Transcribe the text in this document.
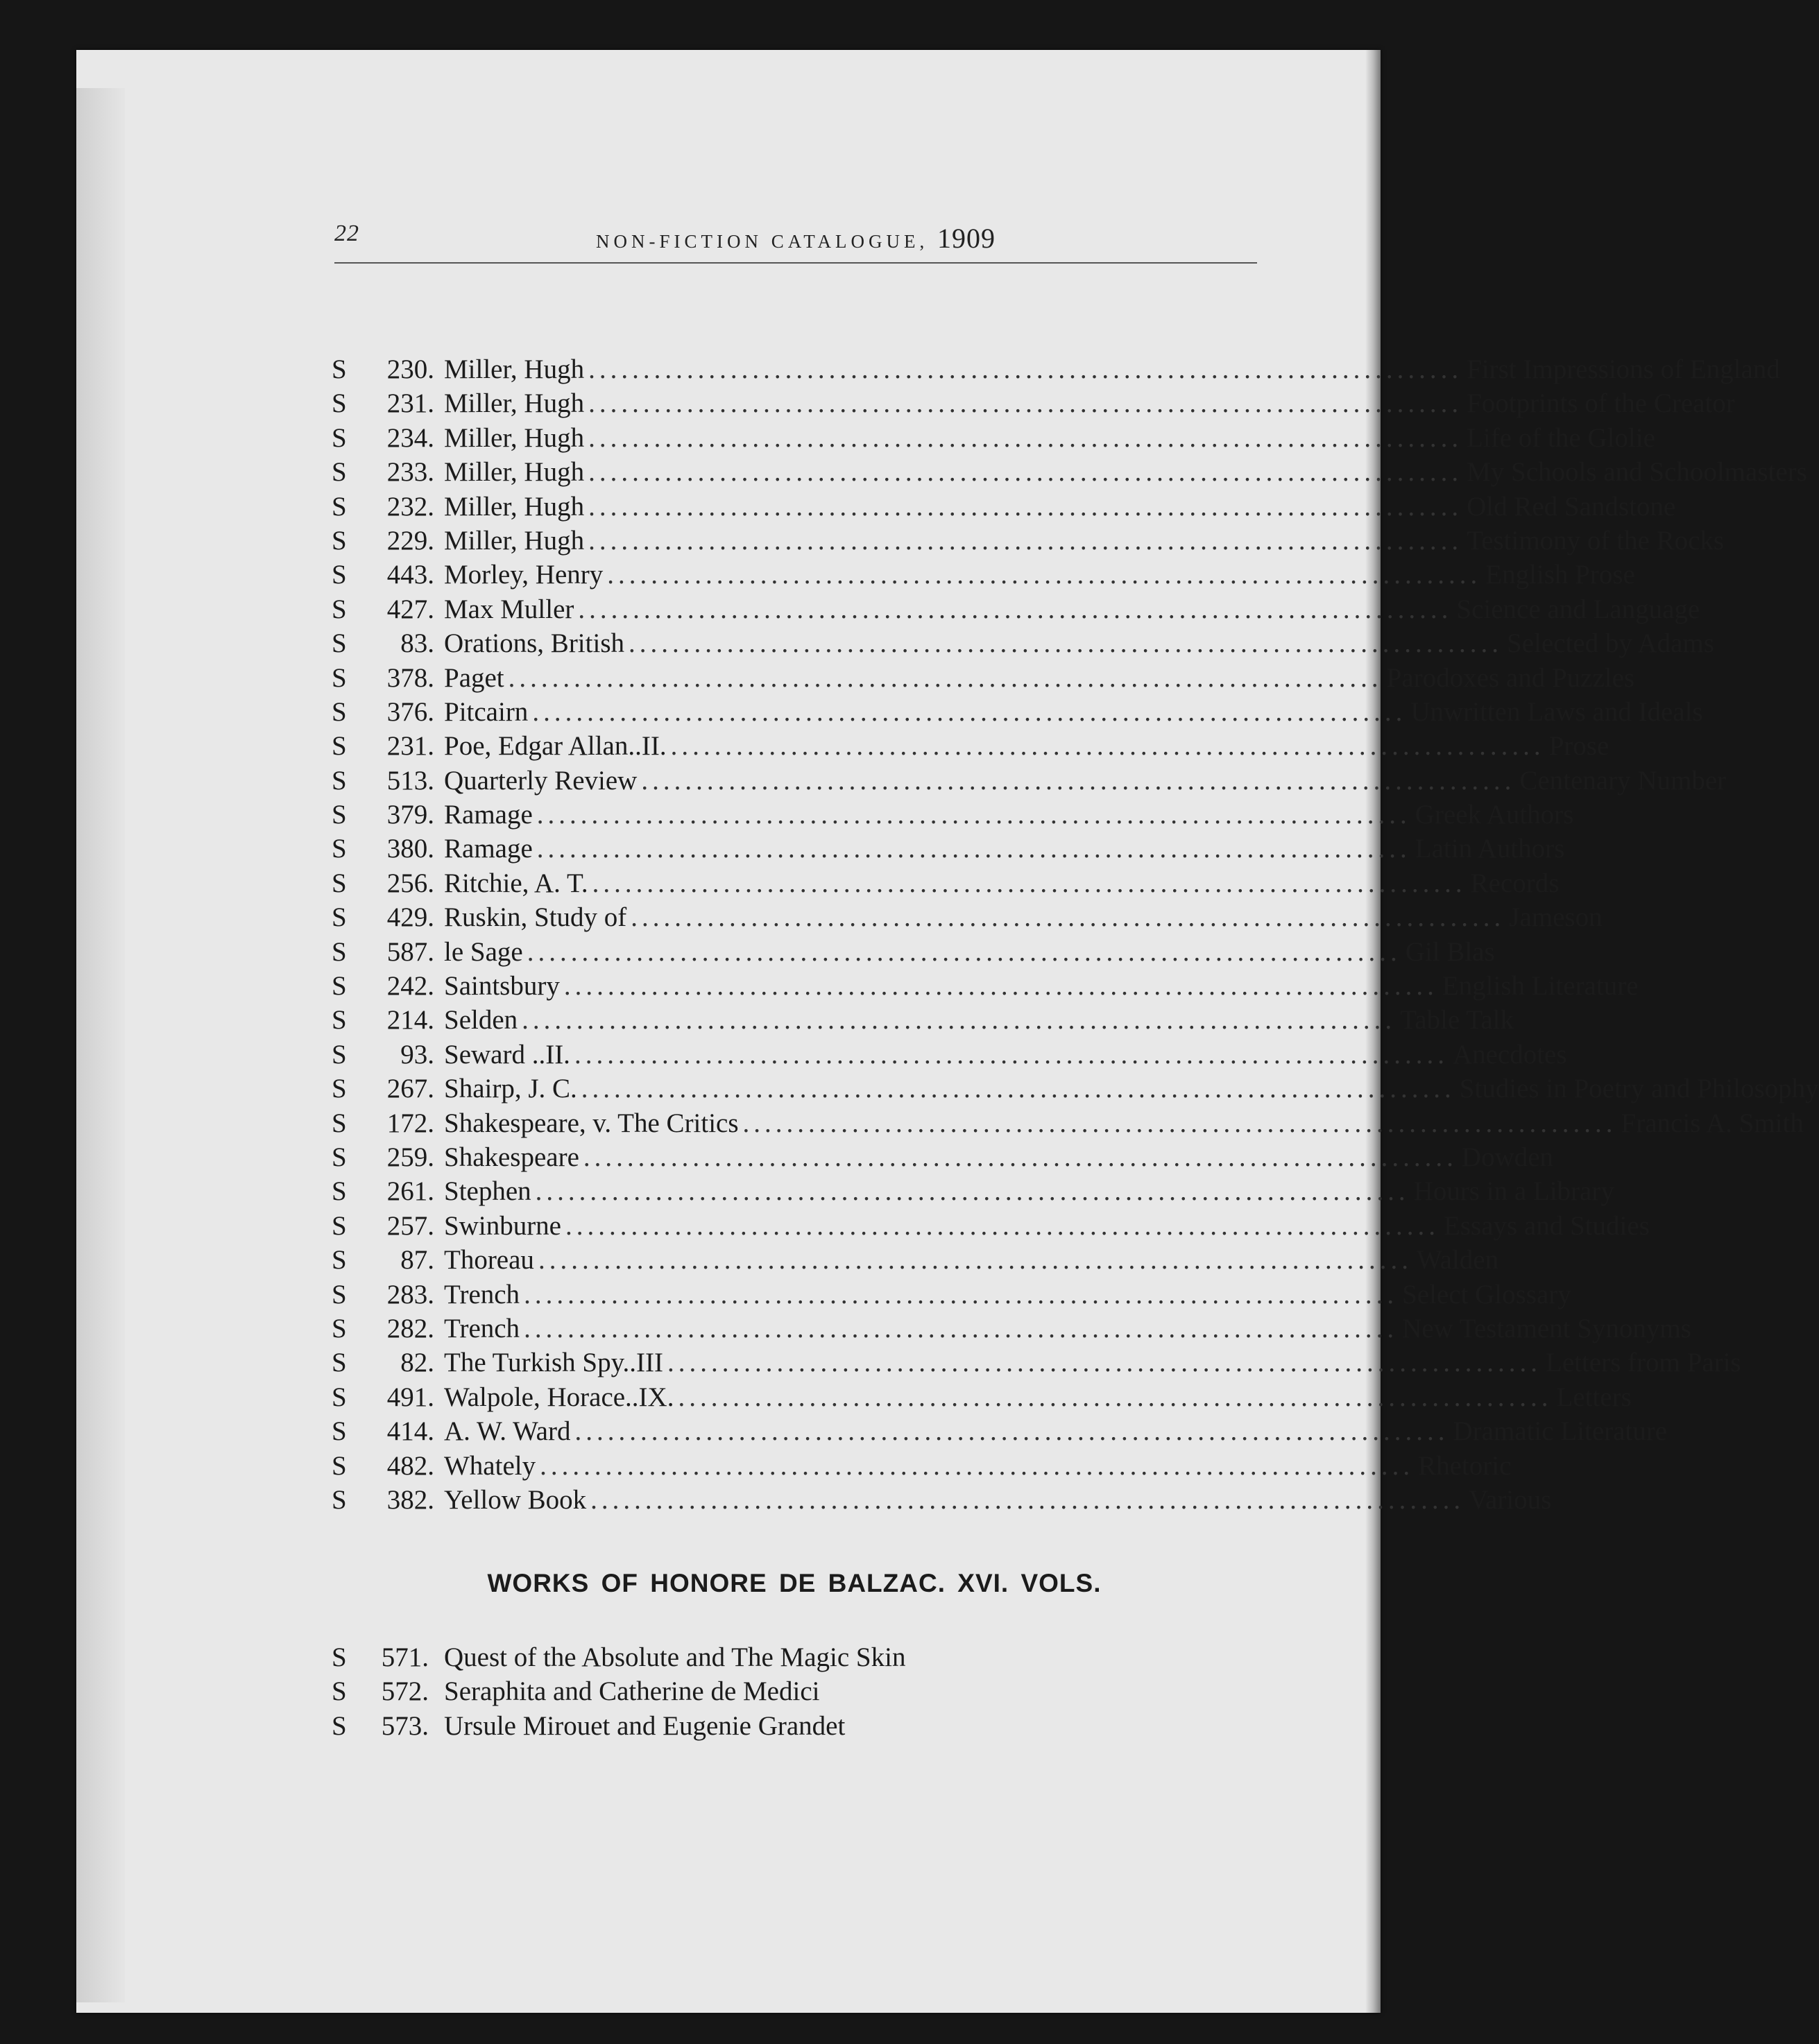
22	NON-FICTION CATALOGUE, 1909
S	230. Miller, Hugh ................................................................................ First Impressions of England
S	231. Miller, Hugh ................................................................................ Footprints of the Creator
S	234. Miller, Hugh ................................................................................ Life of the Glolie
S	233. Miller, Hugh ................................................................................ My Schools and Schoolmasters
S	232. Miller, Hugh ................................................................................ Old Red Sandstone
S	229. Miller, Hugh ................................................................................ Testimony of the Rocks
S	443. Morley, Henry ................................................................................ English Prose
S	427. Max Muller ................................................................................ Science and Language
S	83. Orations, British ................................................................................ Selected by Adams
S	378. Paget ................................................................................ Parodoxes and Puzzles
S	376. Pitcairn ................................................................................ Unwritten Laws and Ideals
S	231. Poe, Edgar Allan..II. ................................................................................ Prose
S	513. Quarterly Review ................................................................................ Centenary Number
S	379. Ramage ................................................................................ Greek Authors
S	380. Ramage ................................................................................ Latin Authors
S	256. Ritchie, A. T. ................................................................................ Records
S	429. Ruskin, Study of ................................................................................ Jameson
S	587. le Sage ................................................................................ Gil Blas
S	242. Saintsbury ................................................................................ English Literature
S	214. Selden ................................................................................ Table Talk
S	93. Seward ..II. ................................................................................ Anecdotes
S	267. Shairp, J. C. ................................................................................ Studies in Poetry and Philosophy
S	172. Shakespeare, v. The Critics ................................................................................ Francis A. Smith
S	259. Shakespeare ................................................................................ Dowden
S	261. Stephen ................................................................................ Hours in a Library
S	257. Swinburne ................................................................................ Essays and Studies
S	87. Thoreau ................................................................................ Walden
S	283. Trench ................................................................................ Select Glossary
S	282. Trench ................................................................................ New Testament Synonyms
S	82. The Turkish Spy..III ................................................................................ Letters from Paris
S	491. Walpole, Horace..IX. ................................................................................ Letters
S	414. A. W. Ward ................................................................................ Dramatic Literature
S	482. Whately ................................................................................ Rhetoric
S	382. Yellow Book ................................................................................ Various
WORKS OF HONORE DE BALZAC. XVI. VOLS.
S	571. Quest of the Absolute and The Magic Skin
S	572. Seraphita and Catherine de Medici
S	573. Ursule Mirouet and Eugenie Grandet
